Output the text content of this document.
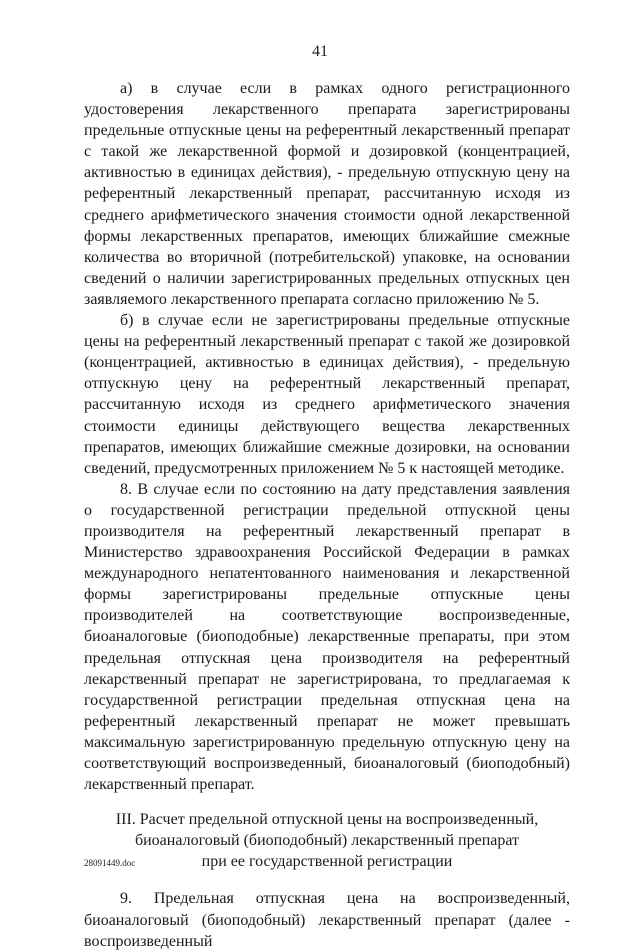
41

а) в случае если в рамках одного регистрационного удостоверения лекарственного препарата зарегистрированы предельные отпускные цены на референтный лекарственный препарат с такой же лекарственной формой и дозировкой (концентрацией, активностью в единицах действия), - предельную отпускную цену на референтный лекарственный препарат, рассчитанную исходя из среднего арифметического значения стоимости одной лекарственной формы лекарственных препаратов, имеющих ближайшие смежные количества во вторичной (потребительской) упаковке, на основании сведений о наличии зарегистрированных предельных отпускных цен заявляемого лекарственного препарата согласно приложению № 5.

б) в случае если не зарегистрированы предельные отпускные цены на референтный лекарственный препарат с такой же дозировкой (концентрацией, активностью в единицах действия), - предельную отпускную цену на референтный лекарственный препарат, рассчитанную исходя из среднего арифметического значения стоимости единицы действующего вещества лекарственных препаратов, имеющих ближайшие смежные дозировки, на основании сведений, предусмотренных приложением № 5 к настоящей методике.

8. В случае если по состоянию на дату представления заявления о государственной регистрации предельной отпускной цены производителя на референтный лекарственный препарат в Министерство здравоохранения Российской Федерации в рамках международного непатентованного наименования и лекарственной формы зарегистрированы предельные отпускные цены производителей на соответствующие воспроизведенные, биоаналоговые (биоподобные) лекарственные препараты, при этом предельная отпускная цена производителя на референтный лекарственный препарат не зарегистрирована, то предлагаемая к государственной регистрации предельная отпускная цена на референтный лекарственный препарат не может превышать максимальную зарегистрированную предельную отпускную цену на соответствующий воспроизведенный, биоаналоговый (биоподобный) лекарственный препарат.

III. Расчет предельной отпускной цены на воспроизведенный,
биоаналоговый (биоподобный) лекарственный препарат
при ее государственной регистрации

9. Предельная отпускная цена на воспроизведенный, биоаналоговый (биоподобный) лекарственный препарат (далее - воспроизведенный

28091449.doc
